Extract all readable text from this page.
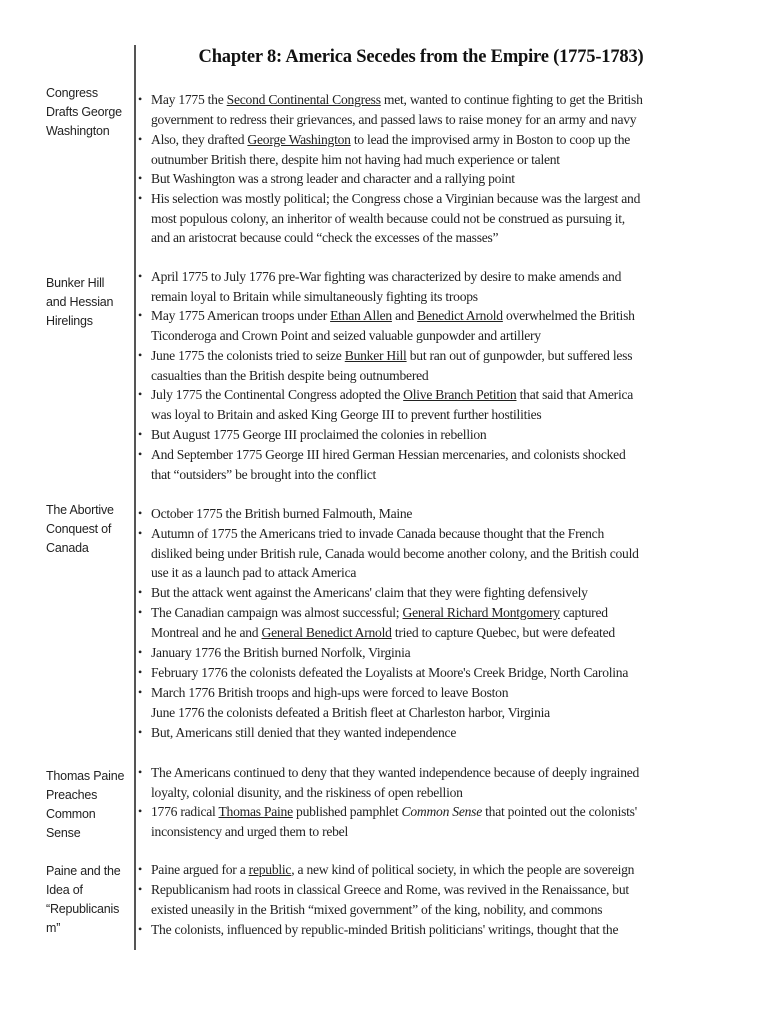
Chapter 8: America Secedes from the Empire (1775-1783)
Congress
Drafts George
Washington
• May 1775 the Second Continental Congress met, wanted to continue fighting to get the British
government to redress their grievances, and passed laws to raise money for an army and navy
• Also, they drafted George Washington to lead the improvised army in Boston to coop up the
outnumber British there, despite him not having had much experience or talent
• But Washington was a strong leader and character and a rallying point
• His selection was mostly political; the Congress chose a Virginian because was the largest and
most populous colony, an inheritor of wealth because could not be construed as pursuing it,
and an aristocrat because could “check the excesses of the masses”
Bunker Hill
and Hessian
Hirelings
• April 1775 to July 1776 pre-War fighting was characterized by desire to make amends and
remain loyal to Britain while simultaneously fighting its troops
• May 1775 American troops under Ethan Allen and Benedict Arnold overwhelmed the British
Ticonderoga and Crown Point and seized valuable gunpowder and artillery
• June 1775 the colonists tried to seize Bunker Hill but ran out of gunpowder, but suffered less
casualties than the British despite being outnumbered
• July 1775 the Continental Congress adopted the Olive Branch Petition that said that America
was loyal to Britain and asked King George III to prevent further hostilities
• But August 1775 George III proclaimed the colonies in rebellion
• And September 1775 George III hired German Hessian mercenaries, and colonists shocked
that “outsiders” be brought into the conflict
The Abortive
Conquest of
Canada
• October 1775 the British burned Falmouth, Maine
• Autumn of 1775 the Americans tried to invade Canada because thought that the French
disliked being under British rule, Canada would become another colony, and the British could
use it as a launch pad to attack America
• But the attack went against the Americans' claim that they were fighting defensively
• The Canadian campaign was almost successful; General Richard Montgomery captured
Montreal and he and General Benedict Arnold tried to capture Quebec, but were defeated
• January 1776 the British burned Norfolk, Virginia
• February 1776 the colonists defeated the Loyalists at Moore's Creek Bridge, North Carolina
• March 1776 British troops and high-ups were forced to leave Boston
June 1776 the colonists defeated a British fleet at Charleston harbor, Virginia
• But, Americans still denied that they wanted independence
Thomas Paine
Preaches
Common
Sense
• The Americans continued to deny that they wanted independence because of deeply ingrained
loyalty, colonial disunity, and the riskiness of open rebellion
• 1776 radical Thomas Paine published pamphlet Common Sense that pointed out the colonists'
inconsistency and urged them to rebel
Paine and the
Idea of
“Republicanis
m”
• Paine argued for a republic, a new kind of political society, in which the people are sovereign
• Republicanism had roots in classical Greece and Rome, was revived in the Renaissance, but
existed uneasily in the British “mixed government” of the king, nobility, and commons
• The colonists, influenced by republic-minded British politicians' writings, thought that the
